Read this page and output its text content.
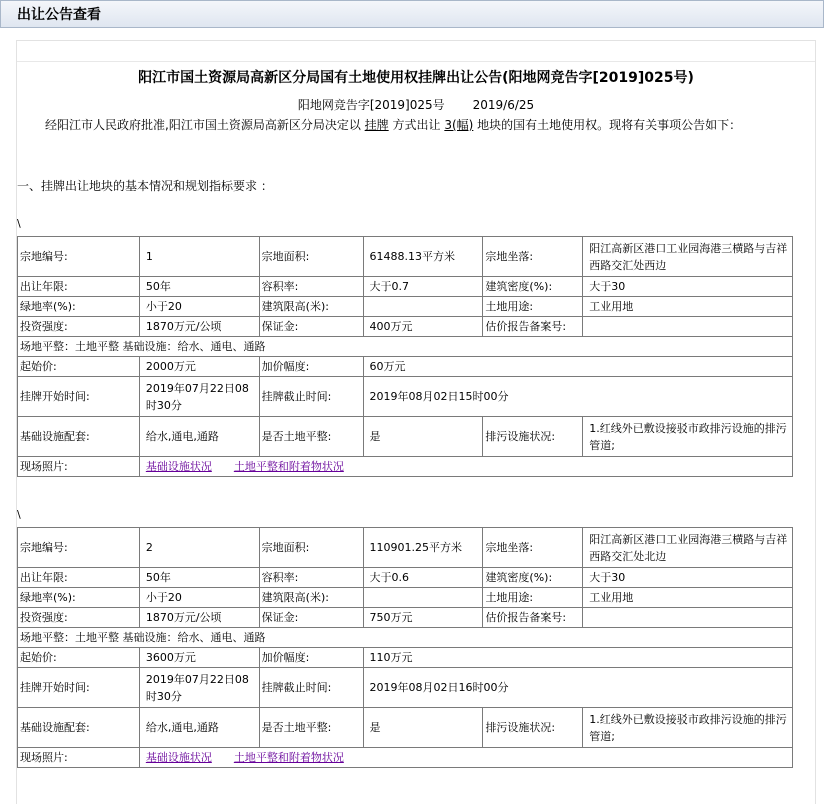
出让公告查看
阳江市国土资源局高新区分局国有土地使用权挂牌出让公告(阳地网竞告字[2019]025号)
阳地网竞告字[2019]025号 2019/6/25
经阳江市人民政府批准,阳江市国土资源局高新区分局决定以 挂牌 方式出让 3(幅) 地块的国有土地使用权。现将有关事项公告如下：
一、挂牌出让地块的基本情况和规划指标要求 ：
\
宗地编号:	1	宗地面积:	61488.13平方米	宗地坐落:	阳江高新区港口工业园海港三横路与吉祥西路交汇处西边
出让年限:	50年	容积率:	大于0.7	建筑密度(%):	大于30
绿地率(%):	小于20	建筑限高(米):		土地用途:	工业用地
投资强度:	1870万元/公顷	保证金:	400万元	估价报告备案号:	
场地平整：土地平整 基础设施：给水、通电、通路					
起始价:	2000万元	加价幅度:	60万元		
挂牌开始时间:	2019年07月22日08时30分	挂牌截止时间:	2019年08月02日15时00分		
基础设施配套:	给水,通电,通路	是否土地平整:	是	排污设施状况:	1.红线外已敷设接驳市政排污设施的排污管道;
现场照片:	基础设施状况 土地平整和附着物状况				
\
宗地编号:	2	宗地面积:	110901.25平方米	宗地坐落:	阳江高新区港口工业园海港三横路与吉祥西路交汇处北边
出让年限:	50年	容积率:	大于0.6	建筑密度(%):	大于30
绿地率(%):	小于20	建筑限高(米):		土地用途:	工业用地
投资强度:	1870万元/公顷	保证金:	750万元	估价报告备案号:	
场地平整：土地平整 基础设施：给水、通电、通路					
起始价:	3600万元	加价幅度:	110万元		
挂牌开始时间:	2019年07月22日08时30分	挂牌截止时间:	2019年08月02日16时00分		
基础设施配套:	给水,通电,通路	是否土地平整:	是	排污设施状况:	1.红线外已敷设接驳市政排污设施的排污管道;
现场照片:	基础设施状况 土地平整和附着物状况				
